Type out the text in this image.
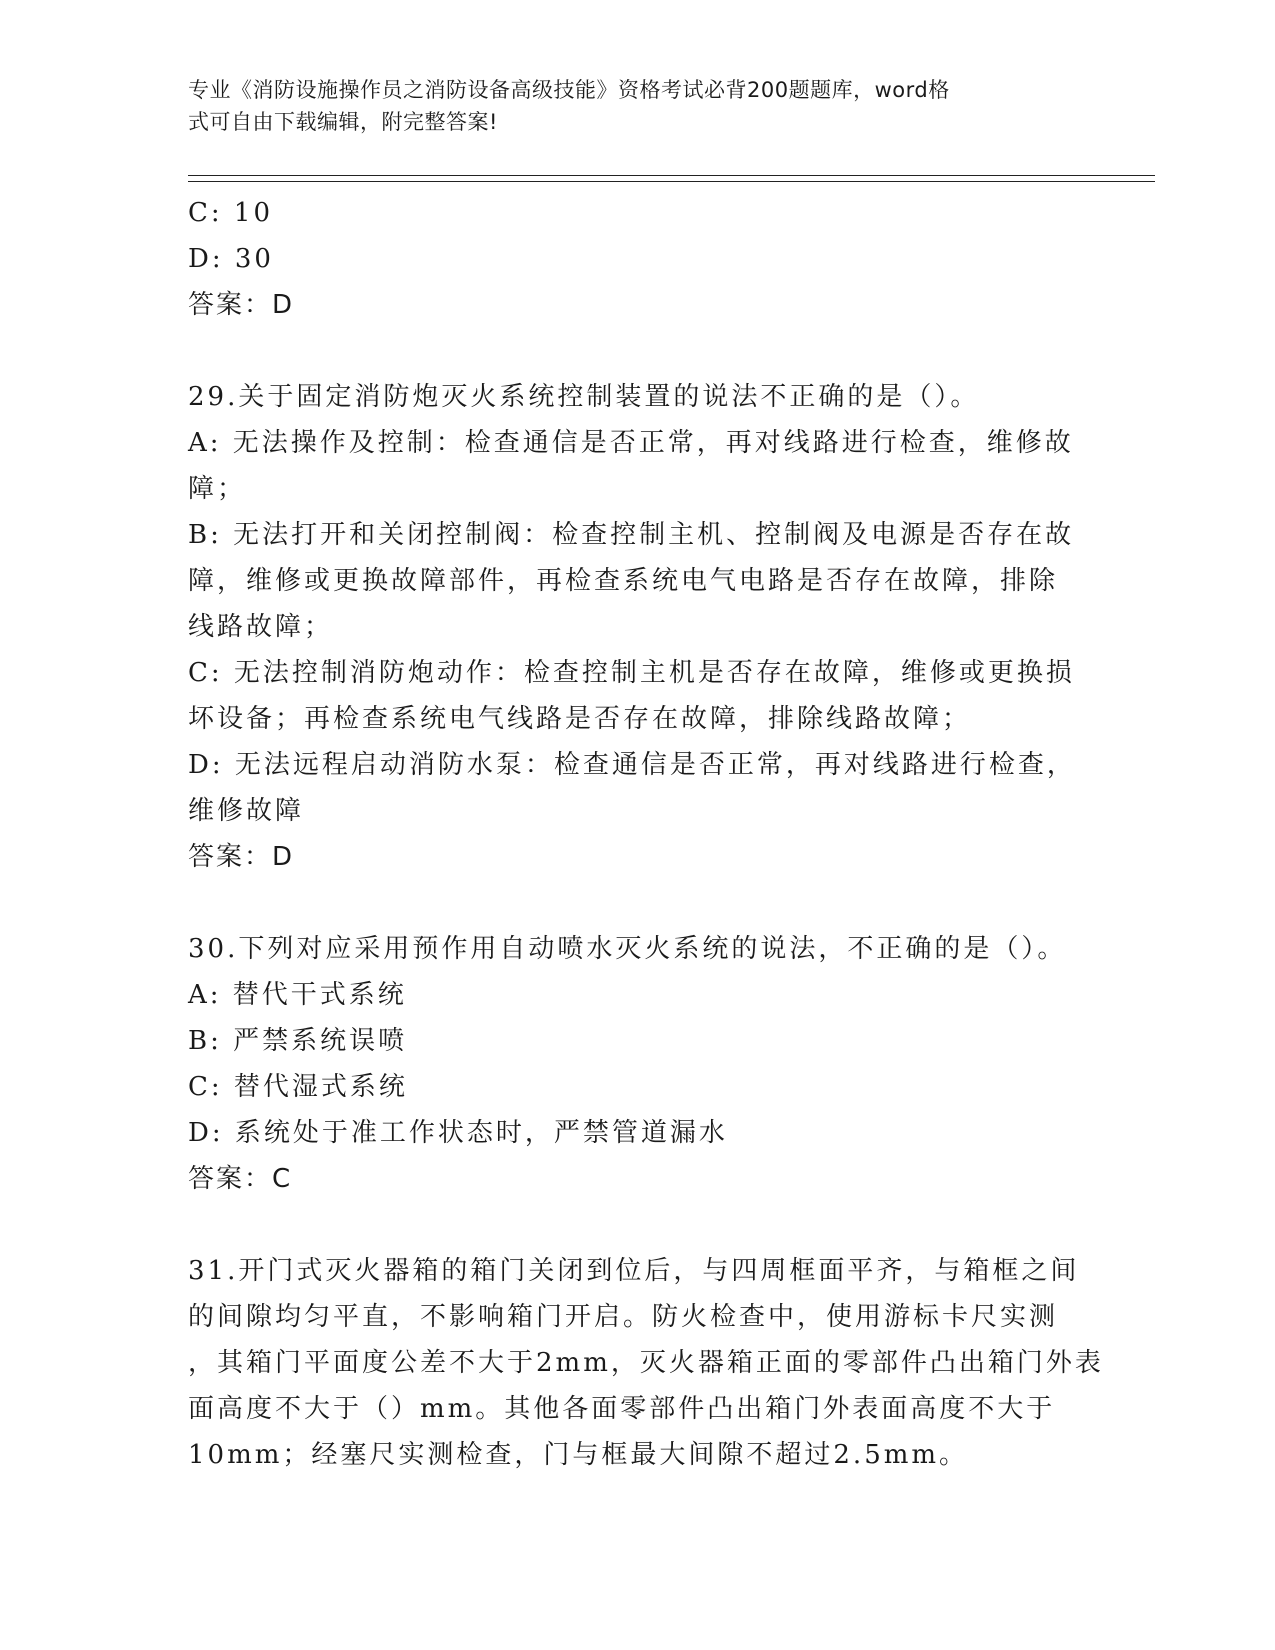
专业《消防设施操作员之消防设备高级技能》资格考试必背200题题库，word格
式可自由下载编辑，附完整答案!
C: 10
D: 30
答案：D
29.关于固定消防炮灭火系统控制装置的说法不正确的是（）。
A: 无法操作及控制：检查通信是否正常，再对线路进行检查，维修故
障；
B: 无法打开和关闭控制阀：检查控制主机、控制阀及电源是否存在故
障，维修或更换故障部件，再检查系统电气电路是否存在故障，排除
线路故障；
C: 无法控制消防炮动作：检查控制主机是否存在故障，维修或更换损
坏设备；再检查系统电气线路是否存在故障，排除线路故障；
D: 无法远程启动消防水泵：检查通信是否正常，再对线路进行检查，
维修故障
答案：D
30.下列对应采用预作用自动喷水灭火系统的说法，不正确的是（）。
A: 替代干式系统
B: 严禁系统误喷
C: 替代湿式系统
D: 系统处于准工作状态时，严禁管道漏水
答案：C
31.开门式灭火器箱的箱门关闭到位后，与四周框面平齐，与箱框之间
的间隙均匀平直，不影响箱门开启。防火检查中，使用游标卡尺实测
，其箱门平面度公差不大于2mm，灭火器箱正面的零部件凸出箱门外表
面高度不大于（）mm。其他各面零部件凸出箱门外表面高度不大于
10mm；经塞尺实测检查，门与框最大间隙不超过2.5mm。
